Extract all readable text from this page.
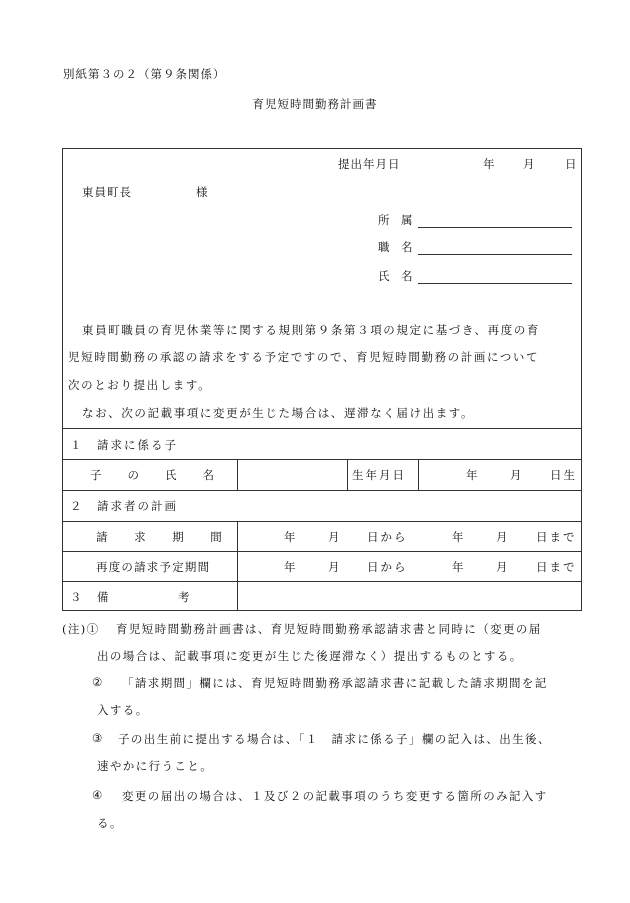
別紙第３の２（第９条関係）
育児短時間勤務計画書
提出年月日	年 月	日
東員町長	様
所　属
職　名
氏　名
東員町職員の育児休業等に関する規則第９条第３項の規定に基づき、再度の育
児短時間勤務の承認の請求をする予定ですので、育児短時間勤務の計画について
次のとおり提出します。
なお、次の記載事項に変更が生じた場合は、遅滞なく届け出ます。
１　請求に係る子
子　　の　　氏　　名	生年月日	年	月 日生
２　請求者の計画
請　　求　　期　　間	年	月 日から	年	月 日まで
再度の請求予定期間	年	月 日から	年	月 日まで
３　備　　　　　考
(注)① 育児短時間勤務計画書は、育児短時間勤務承認請求書と同時に（変更の届
出の場合は、記載事項に変更が生じた後遅滞なく）提出するものとする。
② 「請求期間」欄には、育児短時間勤務承認請求書に記載した請求期間を記
入する。
③ 子の出生前に提出する場合は、「１　請求に係る子」欄の記入は、出生後、
速やかに行うこと。
④ 変更の届出の場合は、１及び２の記載事項のうち変更する箇所のみ記入す
る。
